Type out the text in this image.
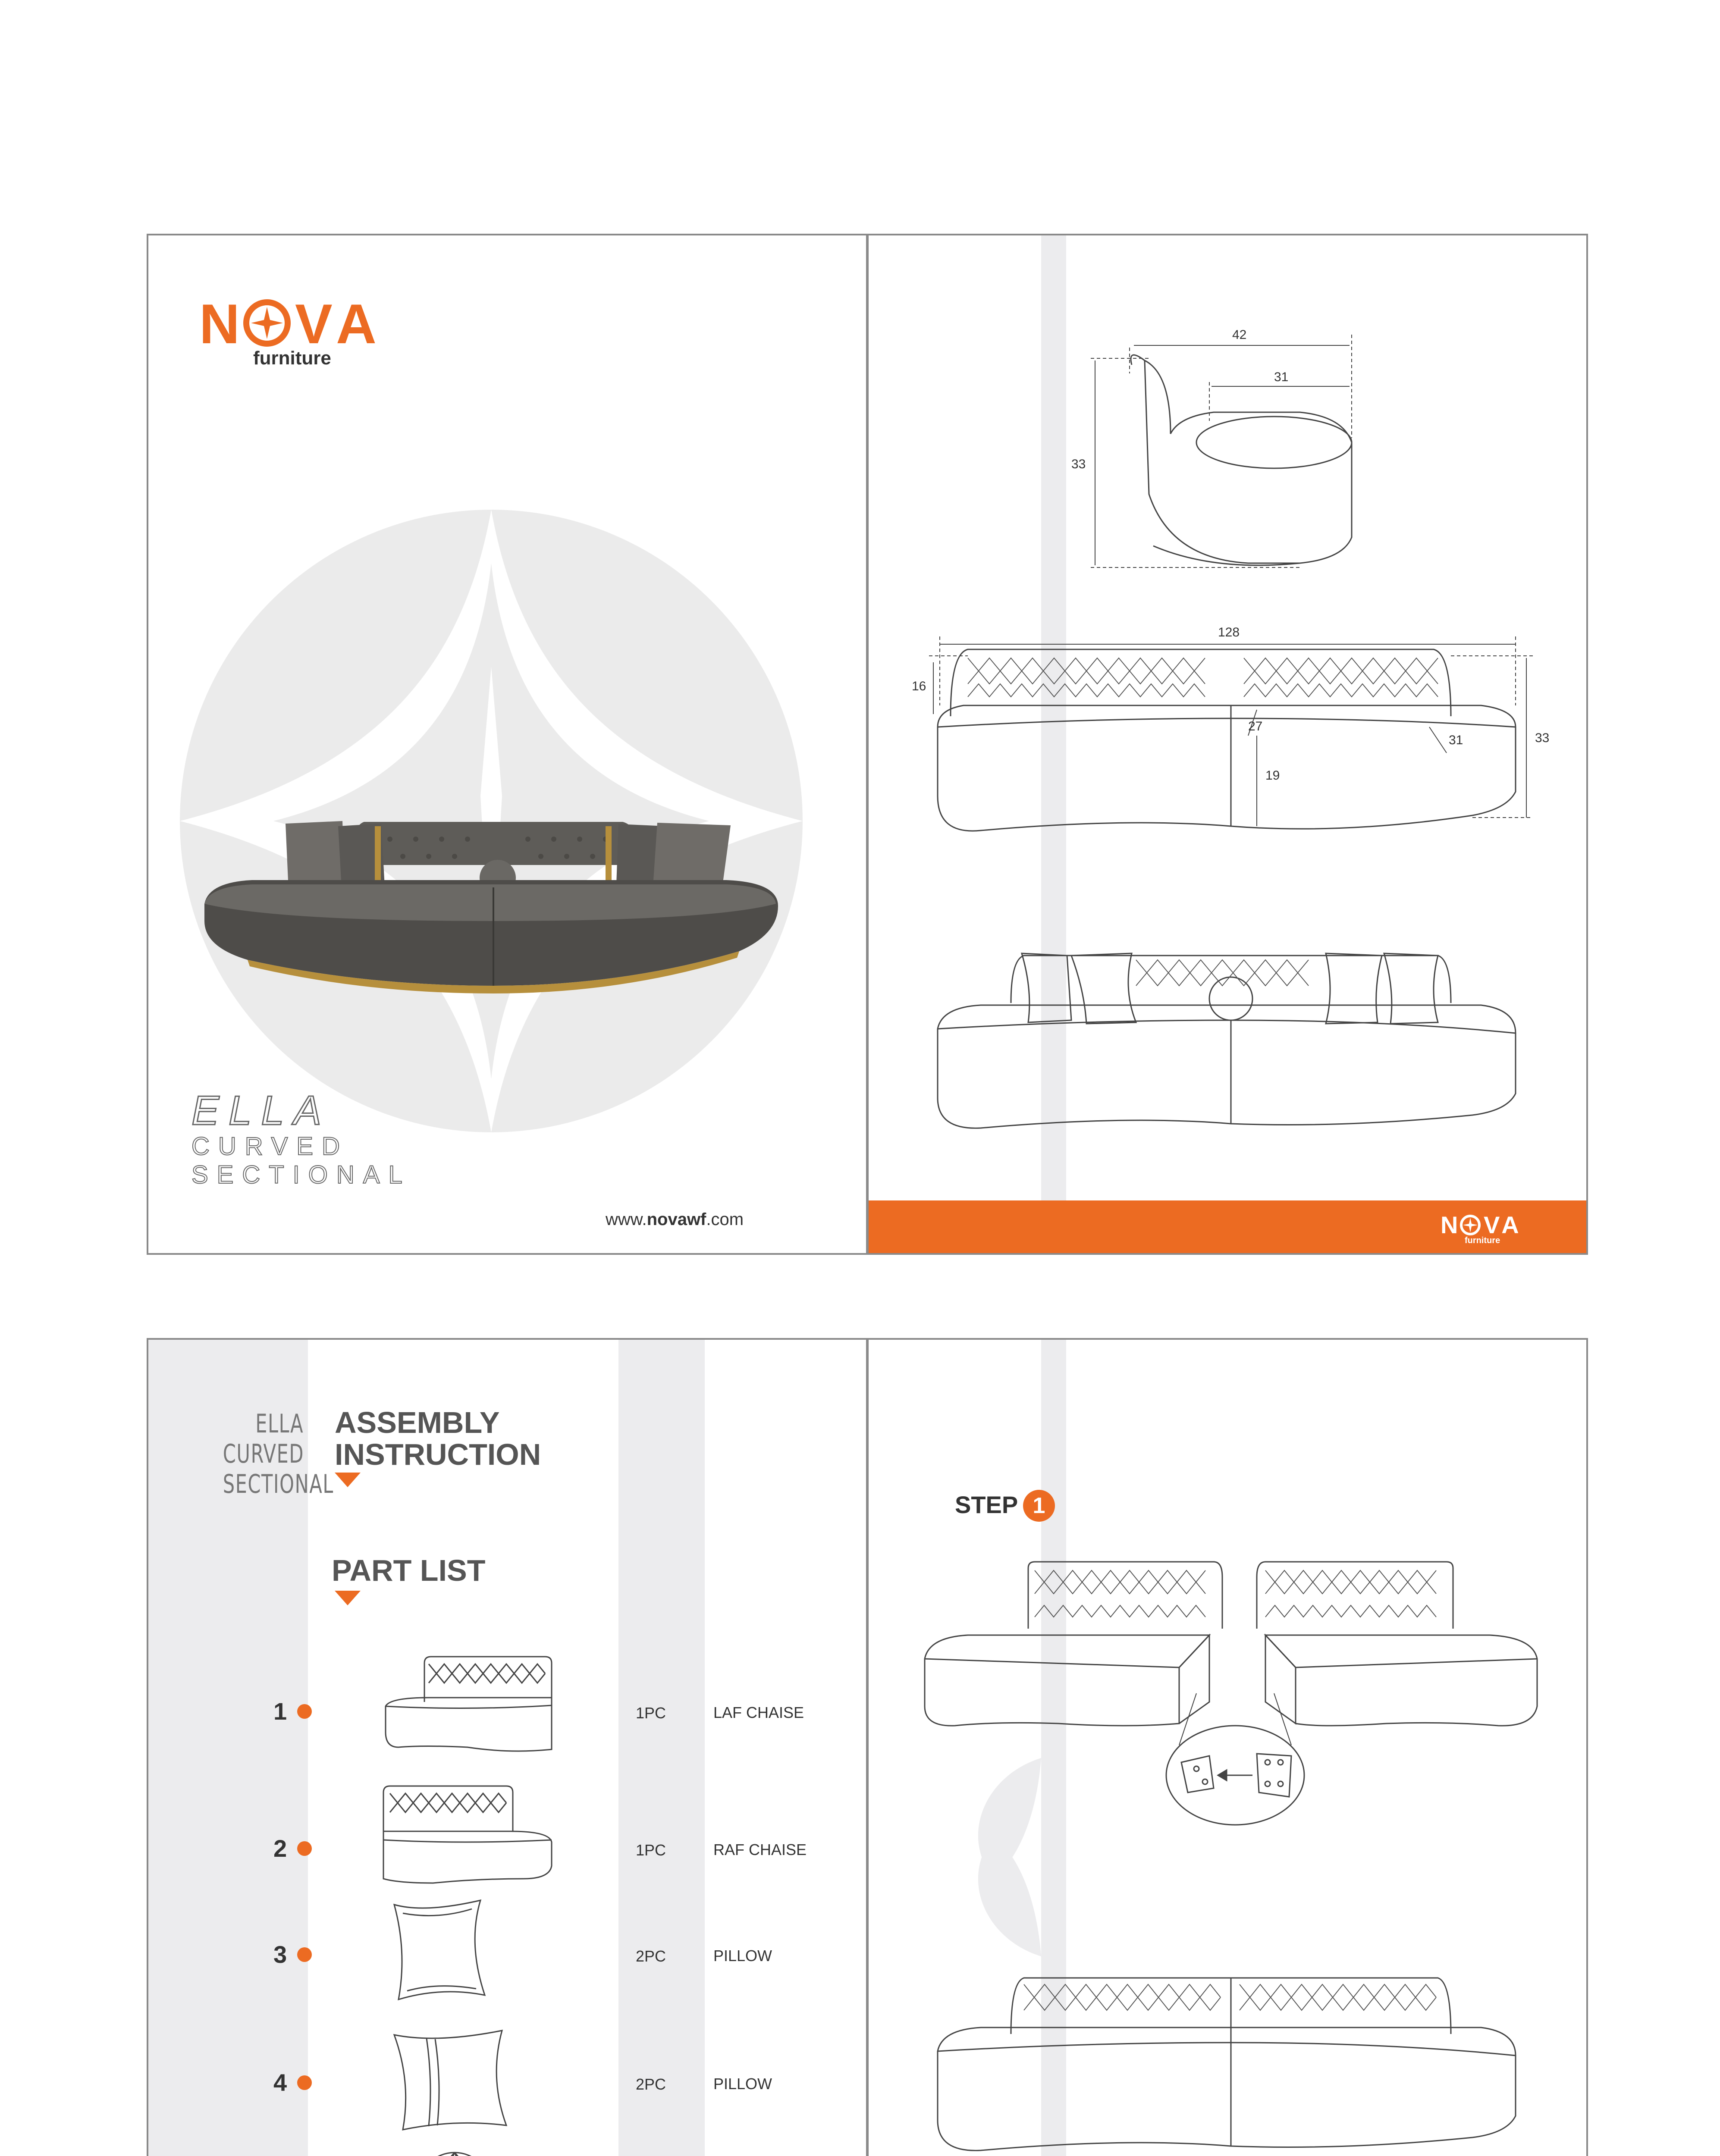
N VA
furniture
ELLA
CURVED
SECTIONAL
www.novawf.com	N VA
furniture
42
31
33
128
16
27
19
31	33
ELLA
CURVED
SECTIONAL
ASSEMBLY
INSTRUCTION
PART LIST
1	1PC	LAF CHAISE
2	1PC	RAF CHAISE
3	2PC	PILLOW
4	2PC	PILLOW
STEP 1
